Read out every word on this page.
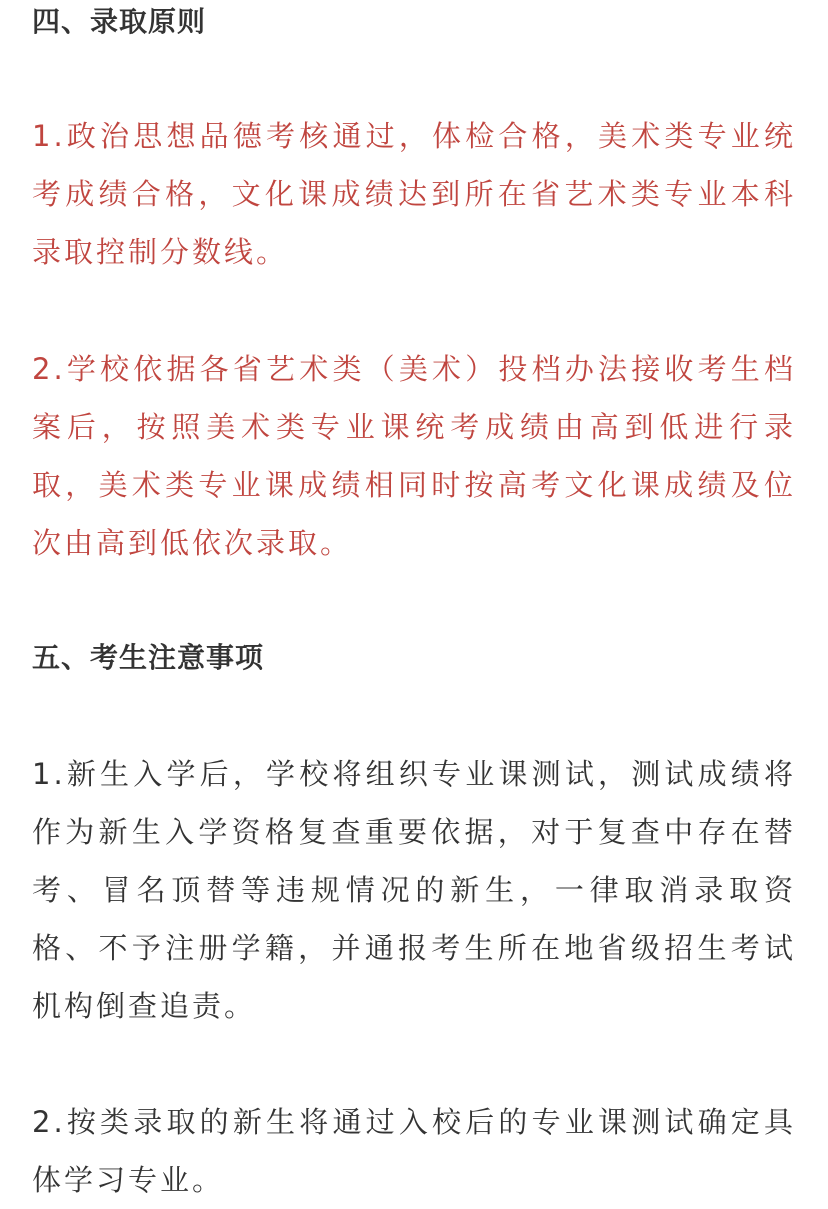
四、录取原则
1.政治思想品德考核通过，体检合格，美术类专业统考成绩合格，文化课成绩达到所在省艺术类专业本科录取控制分数线。
2.学校依据各省艺术类（美术）投档办法接收考生档案后，按照美术类专业课统考成绩由高到低进行录取，美术类专业课成绩相同时按高考文化课成绩及位次由高到低依次录取。
五、考生注意事项
1.新生入学后，学校将组织专业课测试，测试成绩将作为新生入学资格复查重要依据，对于复查中存在替考、冒名顶替等违规情况的新生，一律取消录取资格、不予注册学籍，并通报考生所在地省级招生考试机构倒查追责。
2.按类录取的新生将通过入校后的专业课测试确定具体学习专业。
